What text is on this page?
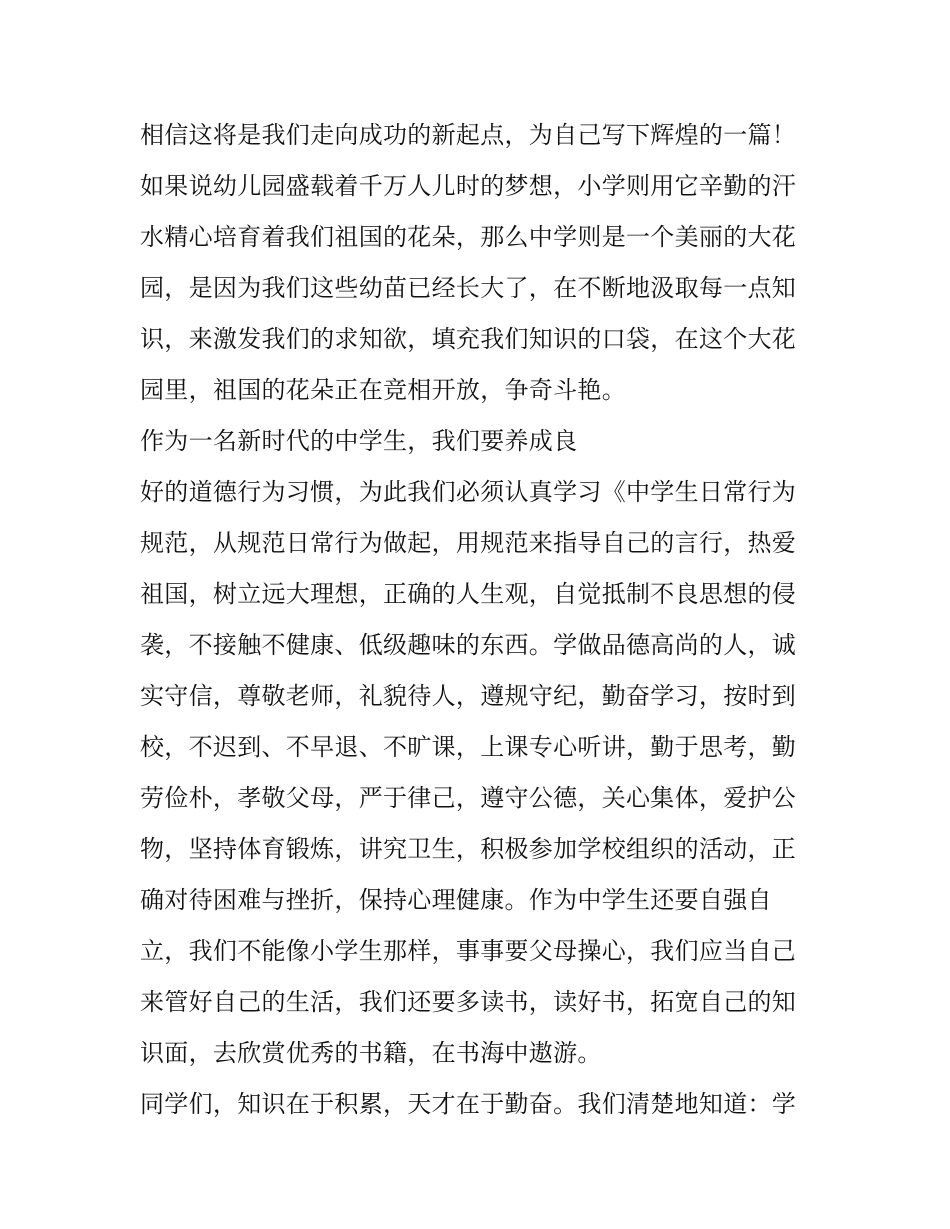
相信这将是我们走向成功的新起点，为自己写下辉煌的一篇！
如果说幼儿园盛载着千万人儿时的梦想，小学则用它辛勤的汗
水精心培育着我们祖国的花朵，那么中学则是一个美丽的大花
园，是因为我们这些幼苗已经长大了，在不断地汲取每一点知
识，来激发我们的求知欲，填充我们知识的口袋，在这个大花
园里，祖国的花朵正在竞相开放，争奇斗艳。
作为一名新时代的中学生，我们要养成良
好的道德行为习惯，为此我们必须认真学习《中学生日常行为
规范，从规范日常行为做起，用规范来指导自己的言行，热爱
祖国，树立远大理想，正确的人生观，自觉抵制不良思想的侵
袭，不接触不健康、低级趣味的东西。学做品德高尚的人，诚
实守信，尊敬老师，礼貌待人，遵规守纪，勤奋学习，按时到
校，不迟到、不早退、不旷课，上课专心听讲，勤于思考，勤
劳俭朴，孝敬父母，严于律己，遵守公德，关心集体，爱护公
物，坚持体育锻炼，讲究卫生，积极参加学校组织的活动，正
确对待困难与挫折，保持心理健康。作为中学生还要自强自
立，我们不能像小学生那样，事事要父母操心，我们应当自己
来管好自己的生活，我们还要多读书，读好书，拓宽自己的知
识面，去欣赏优秀的书籍，在书海中遨游。
同学们，知识在于积累，天才在于勤奋。我们清楚地知道：学
